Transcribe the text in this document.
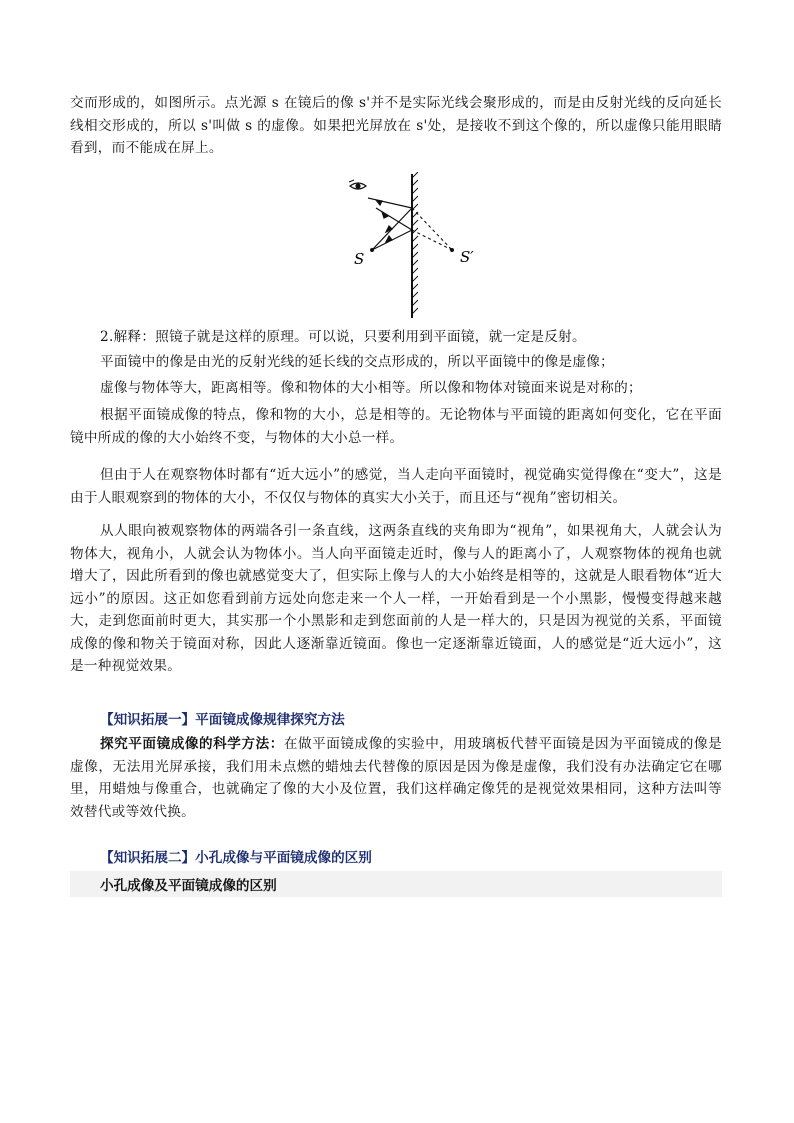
交而形成的，如图所示。点光源 s 在镜后的像 s'并不是实际光线会聚形成的，而是由反射光线的反向延长线相交形成的，所以 s'叫做 s 的虚像。如果把光屏放在 s'处，是接收不到这个像的，所以虚像只能用眼睛看到，而不能成在屏上。

S	S′

2.解释：照镜子就是这样的原理。可以说，只要利用到平面镜，就一定是反射。

平面镜中的像是由光的反射光线的延长线的交点形成的，所以平面镜中的像是虚像；

虚像与物体等大，距离相等。像和物体的大小相等。所以像和物体对镜面来说是对称的；

根据平面镜成像的特点，像和物的大小，总是相等的。无论物体与平面镜的距离如何变化，它在平面镜中所成的像的大小始终不变，与物体的大小总一样。

但由于人在观察物体时都有“近大远小”的感觉，当人走向平面镜时，视觉确实觉得像在“变大”，这是由于人眼观察到的物体的大小，不仅仅与物体的真实大小关于，而且还与“视角”密切相关。

从人眼向被观察物体的两端各引一条直线，这两条直线的夹角即为“视角”，如果视角大，人就会认为物体大，视角小，人就会认为物体小。当人向平面镜走近时，像与人的距离小了，人观察物体的视角也就增大了，因此所看到的像也就感觉变大了，但实际上像与人的大小始终是相等的，这就是人眼看物体“近大远小”的原因。这正如您看到前方远处向您走来一个人一样，一开始看到是一个小黑影，慢慢变得越来越大，走到您面前时更大，其实那一个小黑影和走到您面前的人是一样大的，只是因为视觉的关系，平面镜成像的像和物关于镜面对称，因此人逐渐靠近镜面。像也一定逐渐靠近镜面，人的感觉是“近大远小”，这是一种视觉效果。

【知识拓展一】平面镜成像规律探究方法

探究平面镜成像的科学方法：在做平面镜成像的实验中，用玻璃板代替平面镜是因为平面镜成的像是虚像，无法用光屏承接，我们用未点燃的蜡烛去代替像的原因是因为像是虚像，我们没有办法确定它在哪里，用蜡烛与像重合，也就确定了像的大小及位置，我们这样确定像凭的是视觉效果相同，这种方法叫等效替代或等效代换。

【知识拓展二】小孔成像与平面镜成像的区别
小孔成像及平面镜成像的区别
